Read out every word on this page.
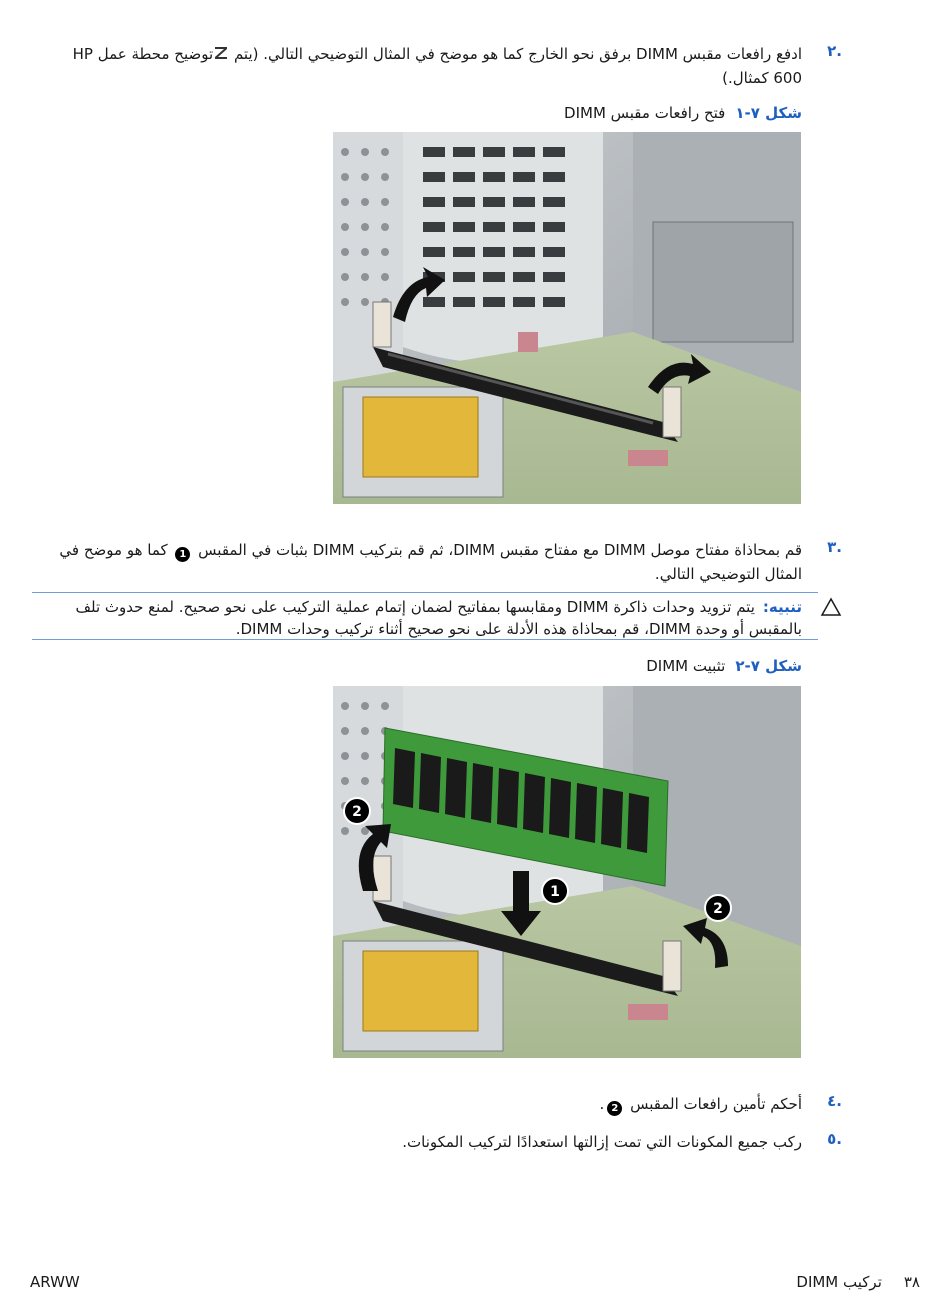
.٢
ادفع رافعات مقبس DIMM برفق نحو الخارج كما هو موضح في المثال التوضيحي التالي. (يتم توضيح محطة عمل HP 600 كمثال.)
شكل ٧-١فتح رافعات مقبس DIMM
.٣
قم بمحاذاة مفتاح موصل DIMM مع مفتاح مقبس DIMM، ثم قم بتركيب DIMM بثبات في المقبس 1 كما هو موضح في المثال التوضيحي التالي.
تنبيه:يتم تزويد وحدات ذاكرة DIMM ومقابسها بمفاتيح لضمان إتمام عملية التركيب على نحو صحيح. لمنع حدوث تلف بالمقبس أو وحدة DIMM، قم بمحاذاة هذه الأدلة على نحو صحيح أثناء تركيب وحدات DIMM.
شكل ٧-٢تثبيت DIMM
1
2
2
.٤
أحكم تأمين رافعات المقبس 2.
.٥
ركب جميع المكونات التي تمت إزالتها استعدادًا لتركيب المكونات.
ARWW	٣٨تركيب DIMM
